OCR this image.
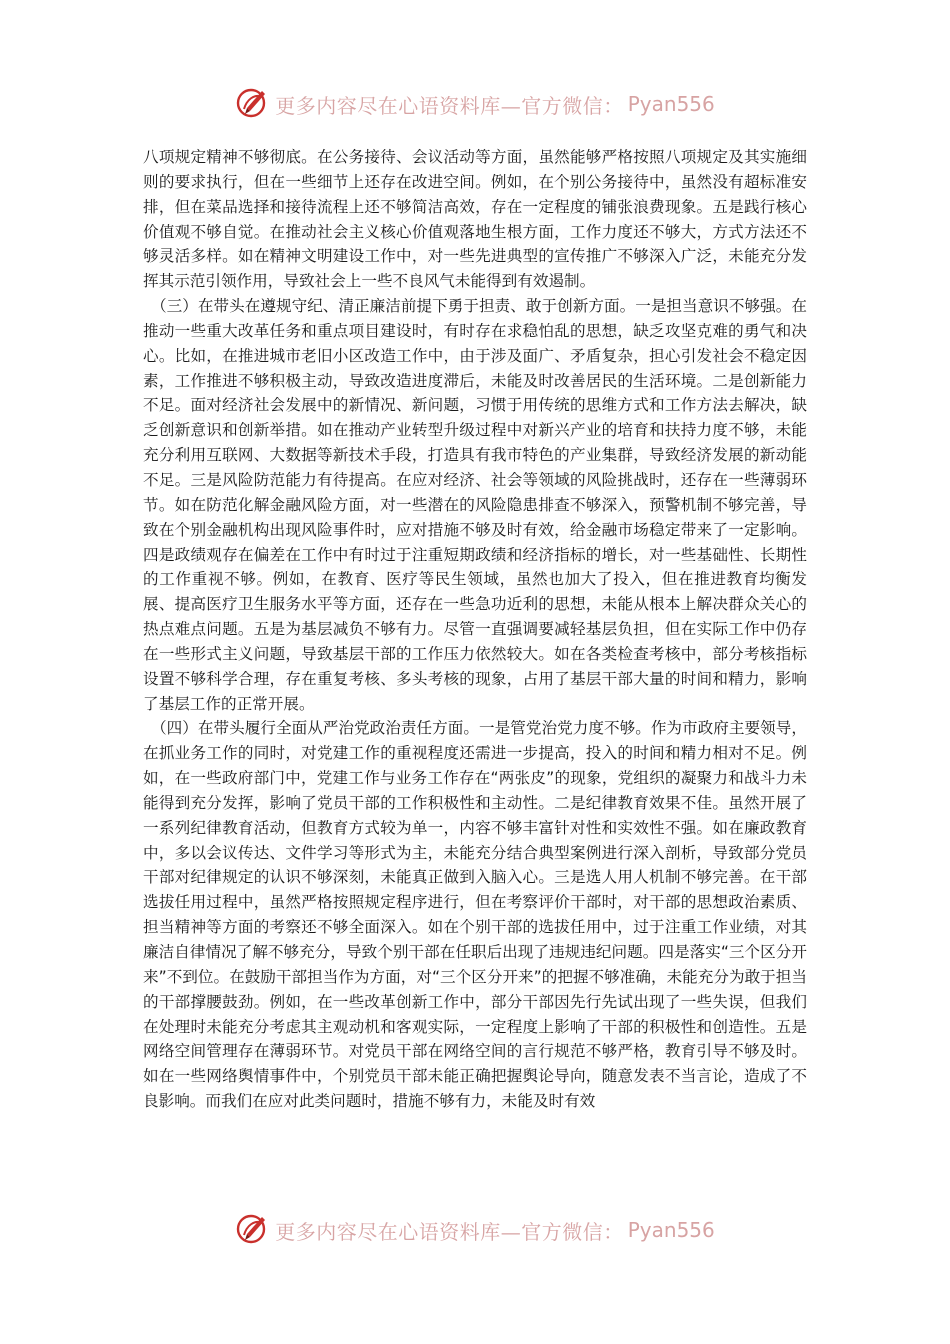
更多内容尽在心语资料库—官方微信： Pyan556

八项规定精神不够彻底。在公务接待、会议活动等方面，虽然能够严格按照八项规定及其实施细则的要求执行，但在一些细节上还存在改进空间。例如，在个别公务接待中，虽然没有超标准安排，但在菜品选择和接待流程上还不够简洁高效，存在一定程度的铺张浪费现象。五是践行核心价值观不够自觉。在推动社会主义核心价值观落地生根方面，工作力度还不够大，方式方法还不够灵活多样。如在精神文明建设工作中，对一些先进典型的宣传推广不够深入广泛，未能充分发挥其示范引领作用，导致社会上一些不良风气未能得到有效遏制。

（三）在带头在遵规守纪、清正廉洁前提下勇于担责、敢于创新方面。一是担当意识不够强。在推动一些重大改革任务和重点项目建设时，有时存在求稳怕乱的思想，缺乏攻坚克难的勇气和决心。比如，在推进城市老旧小区改造工作中，由于涉及面广、矛盾复杂，担心引发社会不稳定因素，工作推进不够积极主动，导致改造进度滞后，未能及时改善居民的生活环境。二是创新能力不足。面对经济社会发展中的新情况、新问题，习惯于用传统的思维方式和工作方法去解决，缺乏创新意识和创新举措。如在推动产业转型升级过程中对新兴产业的培育和扶持力度不够，未能充分利用互联网、大数据等新技术手段，打造具有我市特色的产业集群，导致经济发展的新动能不足。三是风险防范能力有待提高。在应对经济、社会等领域的风险挑战时，还存在一些薄弱环节。如在防范化解金融风险方面，对一些潜在的风险隐患排查不够深入，预警机制不够完善，导致在个别金融机构出现风险事件时，应对措施不够及时有效，给金融市场稳定带来了一定影响。四是政绩观存在偏差在工作中有时过于注重短期政绩和经济指标的增长，对一些基础性、长期性的工作重视不够。例如，在教育、医疗等民生领域，虽然也加大了投入，但在推进教育均衡发展、提高医疗卫生服务水平等方面，还存在一些急功近利的思想，未能从根本上解决群众关心的热点难点问题。五是为基层减负不够有力。尽管一直强调要减轻基层负担，但在实际工作中仍存在一些形式主义问题，导致基层干部的工作压力依然较大。如在各类检查考核中，部分考核指标设置不够科学合理，存在重复考核、多头考核的现象，占用了基层干部大量的时间和精力，影响了基层工作的正常开展。

（四）在带头履行全面从严治党政治责任方面。一是管党治党力度不够。作为市政府主要领导，在抓业务工作的同时，对党建工作的重视程度还需进一步提高，投入的时间和精力相对不足。例如，在一些政府部门中，党建工作与业务工作存在“两张皮”的现象，党组织的凝聚力和战斗力未能得到充分发挥，影响了党员干部的工作积极性和主动性。二是纪律教育效果不佳。虽然开展了一系列纪律教育活动，但教育方式较为单一，内容不够丰富针对性和实效性不强。如在廉政教育中，多以会议传达、文件学习等形式为主，未能充分结合典型案例进行深入剖析，导致部分党员干部对纪律规定的认识不够深刻，未能真正做到入脑入心。三是选人用人机制不够完善。在干部选拔任用过程中，虽然严格按照规定程序进行，但在考察评价干部时，对干部的思想政治素质、担当精神等方面的考察还不够全面深入。如在个别干部的选拔任用中，过于注重工作业绩，对其廉洁自律情况了解不够充分，导致个别干部在任职后出现了违规违纪问题。四是落实“三个区分开来”不到位。在鼓励干部担当作为方面，对“三个区分开来”的把握不够准确，未能充分为敢于担当的干部撑腰鼓劲。例如，在一些改革创新工作中，部分干部因先行先试出现了一些失误，但我们在处理时未能充分考虑其主观动机和客观实际，一定程度上影响了干部的积极性和创造性。五是网络空间管理存在薄弱环节。对党员干部在网络空间的言行规范不够严格，教育引导不够及时。如在一些网络舆情事件中，个别党员干部未能正确把握舆论导向，随意发表不当言论，造成了不良影响。而我们在应对此类问题时，措施不够有力，未能及时有效

更多内容尽在心语资料库—官方微信： Pyan556
